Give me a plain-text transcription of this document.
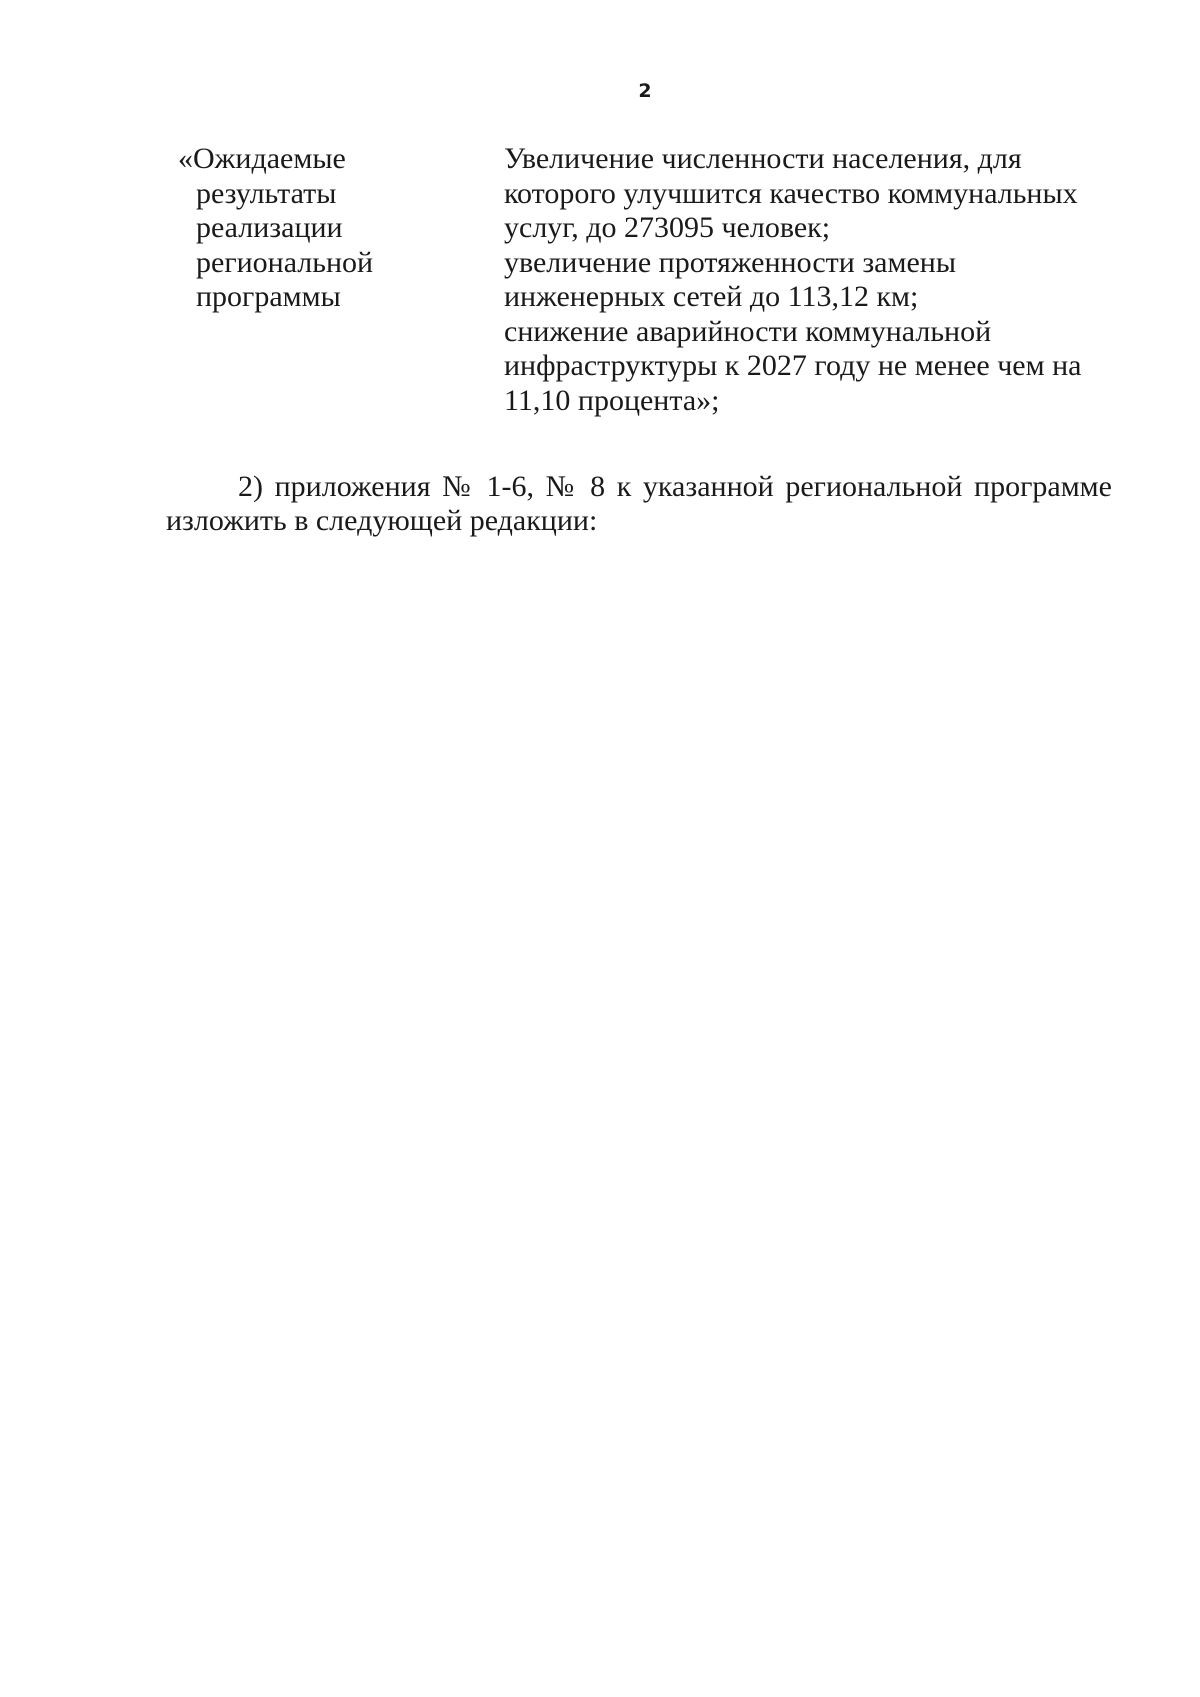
2
«Ожидаемые
результаты
реализации
региональной
программы
Увеличение численности населения, для
которого улучшится качество коммунальных
услуг, до 273095 человек;
увеличение протяженности замены
инженерных сетей до 113,12 км;
снижение аварийности коммунальной
инфраструктуры к 2027 году не менее чем на
11,10 процента»;
2) приложения № 1-6, № 8 к указанной региональной программе
изложить в следующей редакции:
